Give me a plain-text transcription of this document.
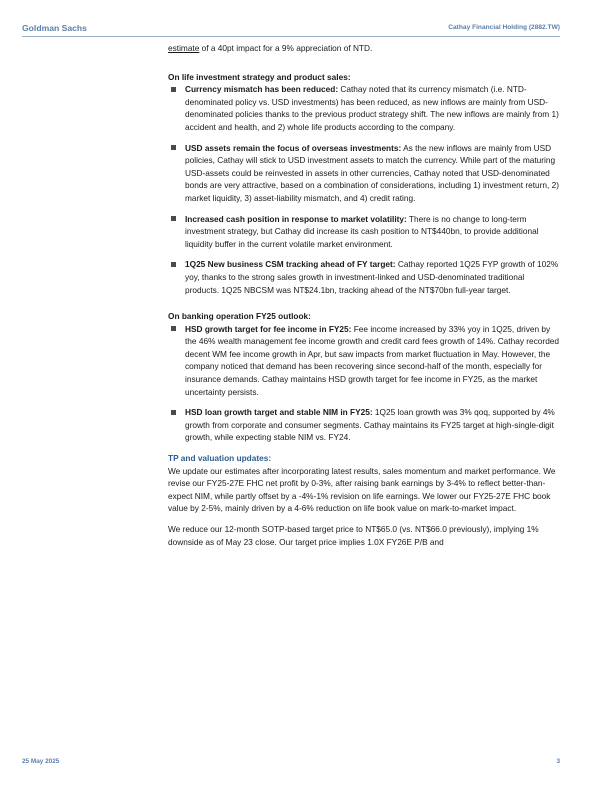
Goldman Sachs	Cathay Financial Holding (2882.TW)

estimate of a 40pt impact for a 9% appreciation of NTD.

On life investment strategy and product sales:

Currency mismatch has been reduced: Cathay noted that its currency mismatch (i.e. NTD-denominated policy vs. USD investments) has been reduced, as new inflows are mainly from USD-denominated policies thanks to the previous product strategy shift. The new inflows are mainly from 1) accident and health, and 2) whole life products according to the company.
USD assets remain the focus of overseas investments: As the new inflows are mainly from USD policies, Cathay will stick to USD investment assets to match the currency. While part of the maturing USD-assets could be reinvested in assets in other currencies, Cathay noted that USD-denominated bonds are very attractive, based on a combination of considerations, including 1) investment return, 2) market liquidity, 3) asset-liability mismatch, and 4) credit rating.
Increased cash position in response to market volatility: There is no change to long-term investment strategy, but Cathay did increase its cash position to NT$440bn, to provide additional liquidity buffer in the current volatile market environment.
1Q25 New business CSM tracking ahead of FY target: Cathay reported 1Q25 FYP growth of 102% yoy, thanks to the strong sales growth in investment-linked and USD-denominated traditional products. 1Q25 NBCSM was NT$24.1bn, tracking ahead of the NT$70bn full-year target.

On banking operation FY25 outlook:

HSD growth target for fee income in FY25: Fee income increased by 33% yoy in 1Q25, driven by the 46% wealth management fee income growth and credit card fees growth of 14%. Cathay recorded decent WM fee income growth in Apr, but saw impacts from market fluctuation in May. However, the company noticed that demand has been recovering since second-half of the month, especially for insurance demands. Cathay maintains HSD growth target for fee income in FY25, as the market uncertainty persists.
HSD loan growth target and stable NIM in FY25: 1Q25 loan growth was 3% qoq, supported by 4% growth from corporate and consumer segments. Cathay maintains its FY25 target at high-single-digit growth, while expecting stable NIM vs. FY24.

TP and valuation updates:

We update our estimates after incorporating latest results, sales momentum and market performance. We revise our FY25-27E FHC net profit by 0-3%, after raising bank earnings by 3-4% to reflect better-than-expect NIM, while partly offset by a -4%-1% revision on life earnings. We lower our FY25-27E FHC book value by 2-5%, mainly driven by a 4-6% reduction on life book value on mark-to-market impact.

We reduce our 12-month SOTP-based target price to NT$65.0 (vs. NT$66.0 previously), implying 1% downside as of May 23 close. Our target price implies 1.0X FY26E P/B and

25 May 2025	3
